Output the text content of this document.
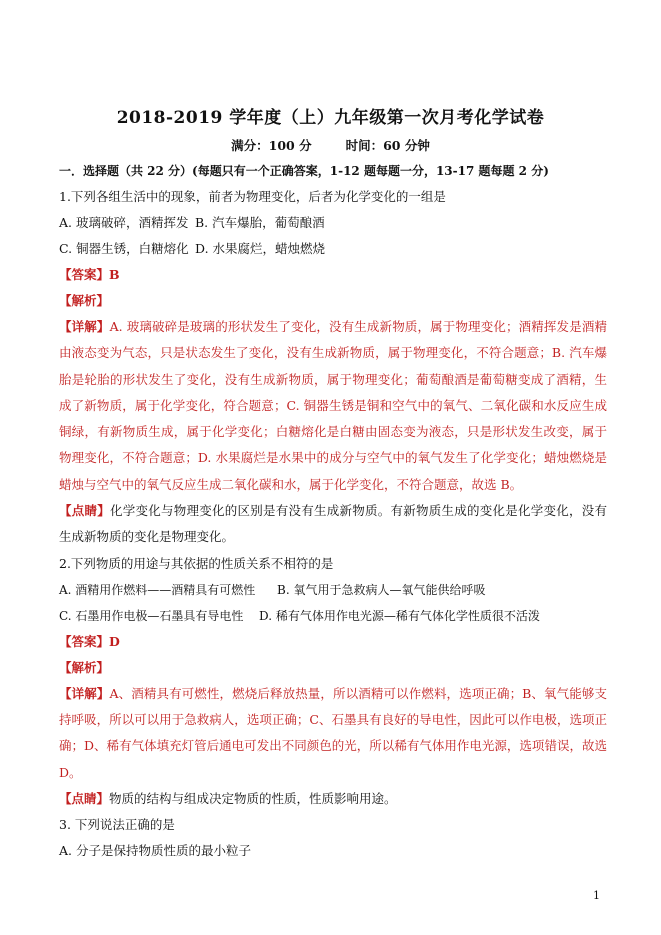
2018-2019 学年度（上）九年级第一次月考化学试卷
满分：100 分	时间：60 分钟
一．选择题（共 22 分）(每题只有一个正确答案，1-12 题每题一分，13-17 题每题 2 分)
1.下列各组生活中的现象，前者为物理变化，后者为化学变化的一组是
A. 玻璃破碎，酒精挥发 B. 汽车爆胎，葡萄酿酒
C. 铜器生锈，白糖熔化 D. 水果腐烂，蜡烛燃烧
【答案】B
【解析】
【详解】A. 玻璃破碎是玻璃的形状发生了变化，没有生成新物质，属于物理变化；酒精挥发是酒精由液态变为气态，只是状态发生了变化，没有生成新物质，属于物理变化，不符合题意；B. 汽车爆胎是轮胎的形状发生了变化，没有生成新物质，属于物理变化；葡萄酿酒是葡萄糖变成了酒精，生成了新物质，属于化学变化，符合题意；C. 铜器生锈是铜和空气中的氧气、二氧化碳和水反应生成铜绿，有新物质生成，属于化学变化；白糖熔化是白糖由固态变为液态，只是形状发生改变，属于物理变化，不符合题意；D. 水果腐烂是水果中的成分与空气中的氧气发生了化学变化；蜡烛燃烧是蜡烛与空气中的氧气反应生成二氧化碳和水，属于化学变化，不符合题意，故选 B。
【点睛】化学变化与物理变化的区别是有没有生成新物质。有新物质生成的变化是化学变化，没有生成新物质的变化是物理变化。
2.下列物质的用途与其依据的性质关系不相符的是
A. 酒精用作燃料——酒精具有可燃性	B. 氧气用于急救病人—氧气能供给呼吸
C. 石墨用作电极—石墨具有导电性	D. 稀有气体用作电光源—稀有气体化学性质很不活泼
【答案】D
【解析】
【详解】A、酒精具有可燃性，燃烧后释放热量，所以酒精可以作燃料，选项正确；B、氧气能够支持呼吸，所以可以用于急救病人，选项正确；C、石墨具有良好的导电性，因此可以作电极，选项正确；D、稀有气体填充灯管后通电可发出不同颜色的光，所以稀有气体用作电光源，选项错误，故选 D。
【点睛】物质的结构与组成决定物质的性质，性质影响用途。
3. 下列说法正确的是
A. 分子是保持物质性质的最小粒子
1
